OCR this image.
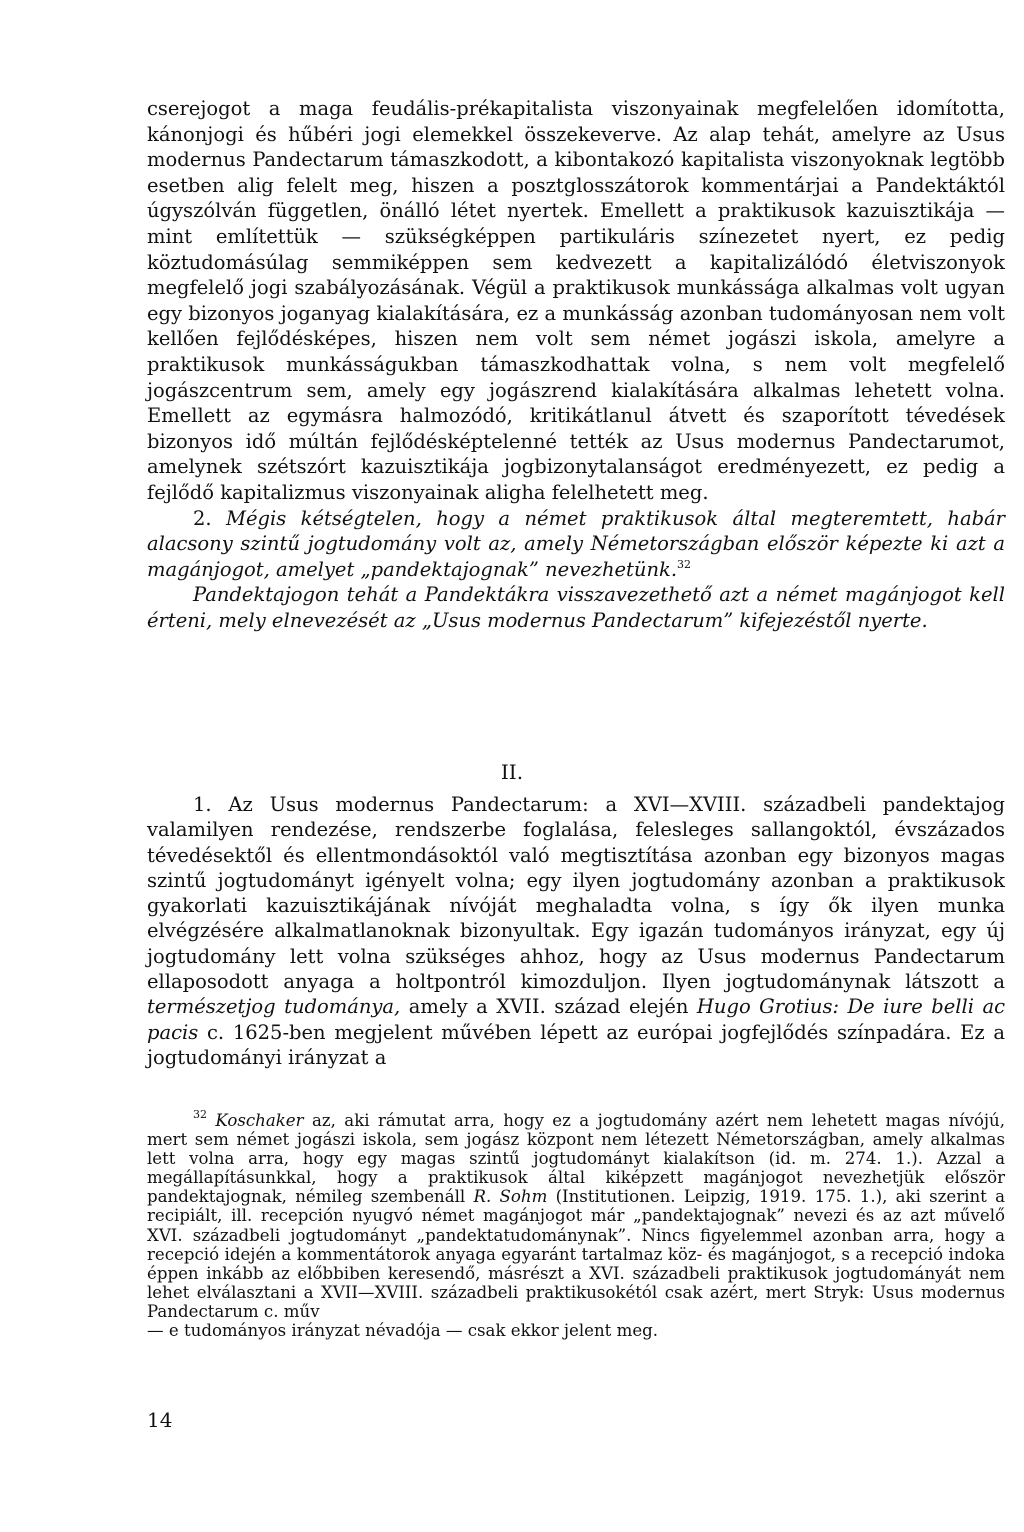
cserejogot a maga feudális-prékapitalista viszonyainak megfelelően idomította, kánonjogi és hűbéri jogi elemekkel összekeverve. Az alap tehát, amelyre az Usus modernus Pandectarum támaszkodott, a kibontakozó kapitalista viszonyoknak legtöbb esetben alig felelt meg, hiszen a posztglosszátorok kommentárjai a Pandektáktól úgyszólván független, önálló létet nyertek. Emellett a praktikusok kazuisztikája — mint említettük — szükségképpen partikuláris színezetet nyert, ez pedig köztudomásúlag semmiképpen sem kedvezett a kapitalizálódó életviszonyok megfelelő jogi szabályozásának. Végül a praktikusok munkássága alkalmas volt ugyan egy bizonyos joganyag kialakítására, ez a munkásság azonban tudományosan nem volt kellően fejlődésképes, hiszen nem volt sem német jogászi iskola, amelyre a praktikusok munkásságukban támaszkodhattak volna, s nem volt megfelelő jogászcentrum sem, amely egy jogászrend kialakítására alkalmas lehetett volna. Emellett az egymásra halmozódó, kritikátlanul átvett és szaporított tévedések bizonyos idő múltán fejlődésképtelenné tették az Usus modernus Pandectarumot, amelynek szétszórt kazuisztikája jogbizonytalanságot eredményezett, ez pedig a fejlődő kapitalizmus viszonyainak aligha felelhetett meg.

2. Mégis kétségtelen, hogy a német praktikusok által megteremtett, habár alacsony szintű jogtudomány volt az, amely Németországban először képezte ki azt a magánjogot, amelyet „pandektajognak” nevezhetünk.$^{32}$

Pandektajogon tehát a Pandektákra visszavezethető azt a német magánjogot kell érteni, mely elnevezését az „Usus modernus Pandectarum” kifejezéstől nyerte.

II.

1. Az Usus modernus Pandectarum: a XVI—XVIII. századbeli pandektajog valamilyen rendezése, rendszerbe foglalása, felesleges sallangoktól, évszázados tévedésektől és ellentmondásoktól való megtisztítása azonban egy bizonyos magas szintű jogtudományt igényelt volna; egy ilyen jogtudomány azonban a praktikusok gyakorlati kazuisztikájának nívóját meghaladta volna, s így ők ilyen munka elvégzésére alkalmatlanoknak bizonyultak. Egy igazán tudományos irányzat, egy új jogtudomány lett volna szükséges ahhoz, hogy az Usus modernus Pandectarum ellaposodott anyaga a holtpontról kimozduljon. Ilyen jogtudománynak látszott a természetjog tudománya, amely a XVII. század elején Hugo Grotius: De iure belli ac pacis c. 1625-ben megjelent művében lépett az európai jogfejlődés színpadára. Ez a jogtudományi irányzat a

$^{32}$ Koschaker az, aki rámutat arra, hogy ez a jogtudomány azért nem lehetett magas nívójú, mert sem német jogászi iskola, sem jogász központ nem létezett Németországban, amely alkalmas lett volna arra, hogy egy magas szintű jogtudományt kialakítson (id. m. 274. 1.). Azzal a megállapításunkkal, hogy a praktikusok által kiképzett magánjogot nevezhetjük először pandektajognak, némileg szembenáll R. Sohm (Institutionen. Leipzig, 1919. 175. 1.), aki szerint a recipiált, ill. recepción nyugvó német magánjogot már „pandektajognak” nevezi és az azt művelő XVI. századbeli jogtudományt „pandektatudománynak”. Nincs figyelemmel azonban arra, hogy a recepció idején a kommentátorok anyaga egyaránt tartalmaz köz- és magánjogot, s a recepció indoka éppen inkább az előbbiben keresendő, másrészt a XVI. századbeli praktikusok jogtudományát nem lehet elválasztani a XVII—XVIII. századbeli praktikusokétól csak azért, mert Stryk: Usus modernus Pandectarum c. műv

— e tudományos irányzat névadója — csak ekkor jelent meg.

14
